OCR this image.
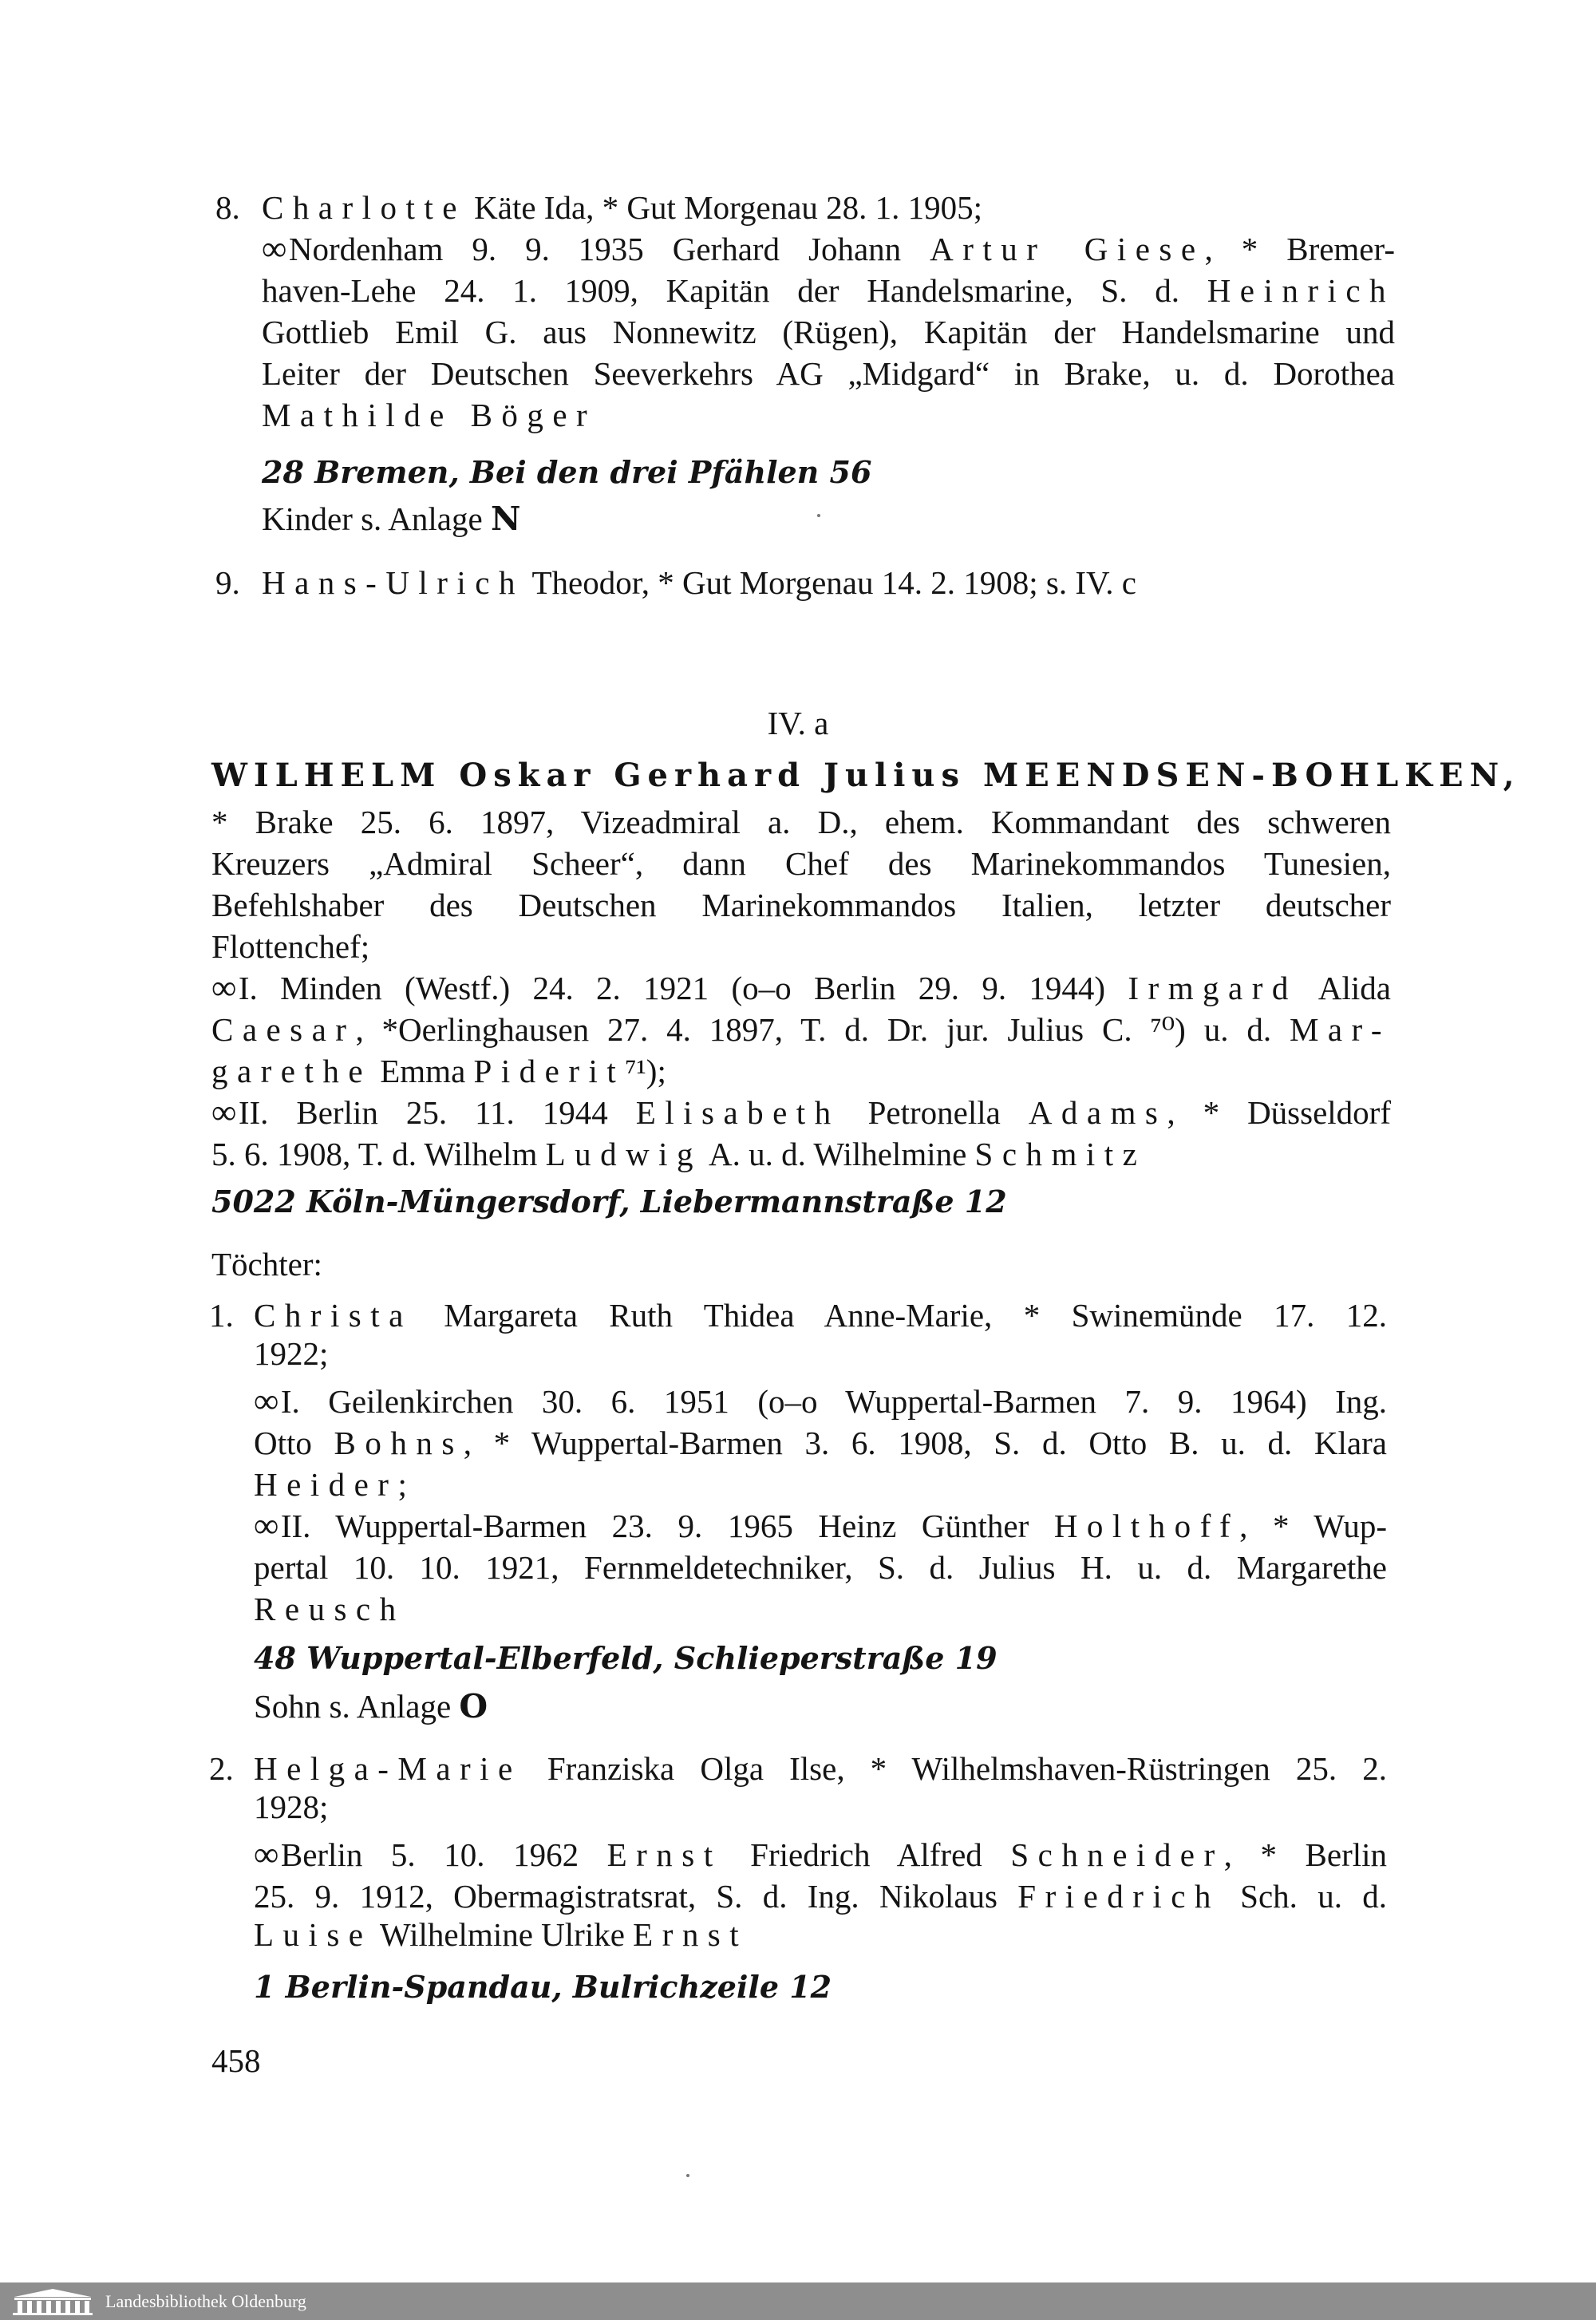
8. Charlotte Käte Ida, * Gut Morgenau 28. 1. 1905;
∞ Nordenham 9. 9. 1935 Gerhard Johann Artur Giese, * Bremer-
haven-Lehe 24. 1. 1909, Kapitän der Handelsmarine, S. d. Heinrich
Gottlieb Emil G. aus Nonnewitz (Rügen), Kapitän der Handelsmarine und
Leiter der Deutschen Seeverkehrs AG „Midgard“ in Brake, u. d. Dorothea
Mathilde Böger
28 Bremen, Bei den drei Pfählen 56
Kinder s. Anlage N
9. Hans-Ulrich Theodor, * Gut Morgenau 14. 2. 1908; s. IV. c
IV. a
WILHELM Oskar Gerhard Julius MEENDSEN-BOHLKEN,
* Brake 25. 6. 1897, Vizeadmiral a. D., ehem. Kommandant des schweren
Kreuzers „Admiral Scheer“, dann Chef des Marinekommandos Tunesien,
Befehlshaber des Deutschen Marinekommandos Italien, letzter deutscher
Flottenchef;
∞ I. Minden (Westf.) 24. 2. 1921 (o–o Berlin 29. 9. 1944) Irmgard Alida
Caesar, *Oerlinghausen 27. 4. 1897, T. d. Dr. jur. Julius C. ⁷⁰) u. d. Mar-
garethe Emma Piderit⁷¹);
∞ II. Berlin 25. 11. 1944 Elisabeth Petronella Adams, * Düsseldorf
5. 6. 1908, T. d. Wilhelm Ludwig A. u. d. Wilhelmine Schmitz
5022 Köln-Müngersdorf, Liebermannstraße 12
Töchter:
1. Christa Margareta Ruth Thidea Anne-Marie, * Swinemünde 17. 12.
1922;
∞ I. Geilenkirchen 30. 6. 1951 (o–o Wuppertal-Barmen 7. 9. 1964) Ing.
Otto Bohns, * Wuppertal-Barmen 3. 6. 1908, S. d. Otto B. u. d. Klara
Heider;
∞ II. Wuppertal-Barmen 23. 9. 1965 Heinz Günther Holthoff, * Wup-
pertal 10. 10. 1921, Fernmeldetechniker, S. d. Julius H. u. d. Margarethe
Reusch
48 Wuppertal-Elberfeld, Schlieperstraße 19
Sohn s. Anlage O
2. Helga-Marie Franziska Olga Ilse, * Wilhelmshaven-Rüstringen 25. 2.
1928;
∞ Berlin 5. 10. 1962 Ernst Friedrich Alfred Schneider, * Berlin
25. 9. 1912, Obermagistratsrat, S. d. Ing. Nikolaus Friedrich Sch. u. d.
Luise Wilhelmine Ulrike Ernst
1 Berlin-Spandau, Bulrichzeile 12
458
Landesbibliothek Oldenburg
